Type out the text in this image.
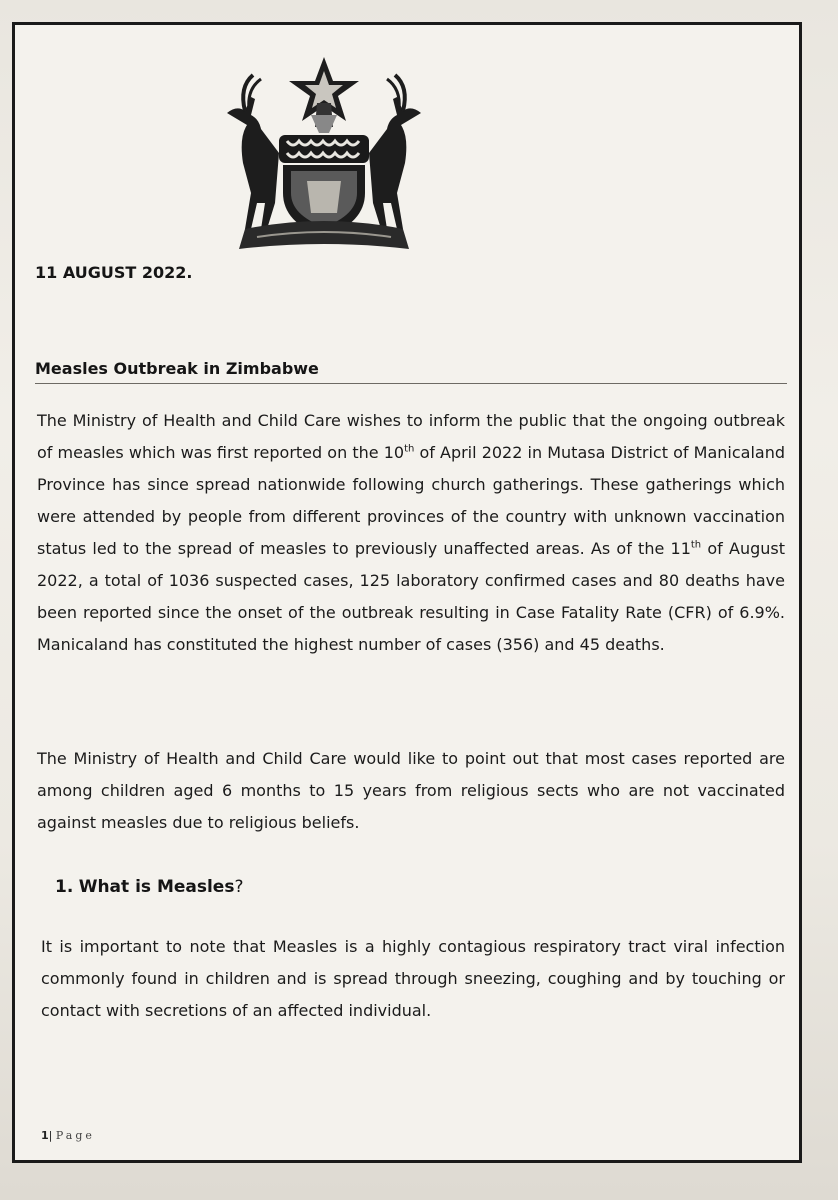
11 AUGUST 2022.
Measles Outbreak in Zimbabwe

The Ministry of Health and Child Care wishes to inform the public that the ongoing outbreak of measles which was first reported on the 10th of April 2022 in Mutasa District of Manicaland Province has since spread nationwide following church gatherings. These gatherings which were attended by people from different provinces of the country with unknown vaccination status led to the spread of measles to previously unaffected areas. As of the 11th of August 2022, a total of 1036 suspected cases, 125 laboratory confirmed cases and 80 deaths have been reported since the onset of the outbreak resulting in Case Fatality Rate (CFR) of 6.9%. Manicaland has constituted the highest number of cases (356) and 45 deaths.

The Ministry of Health and Child Care would like to point out that most cases reported are among children aged 6 months to 15 years from religious sects who are not vaccinated against measles due to religious beliefs.

1. What is Measles?

It is important to note that Measles is a highly contagious respiratory tract viral infection commonly found in children and is spread through sneezing, coughing and by touching or contact with secretions of an affected individual.

1| Page
